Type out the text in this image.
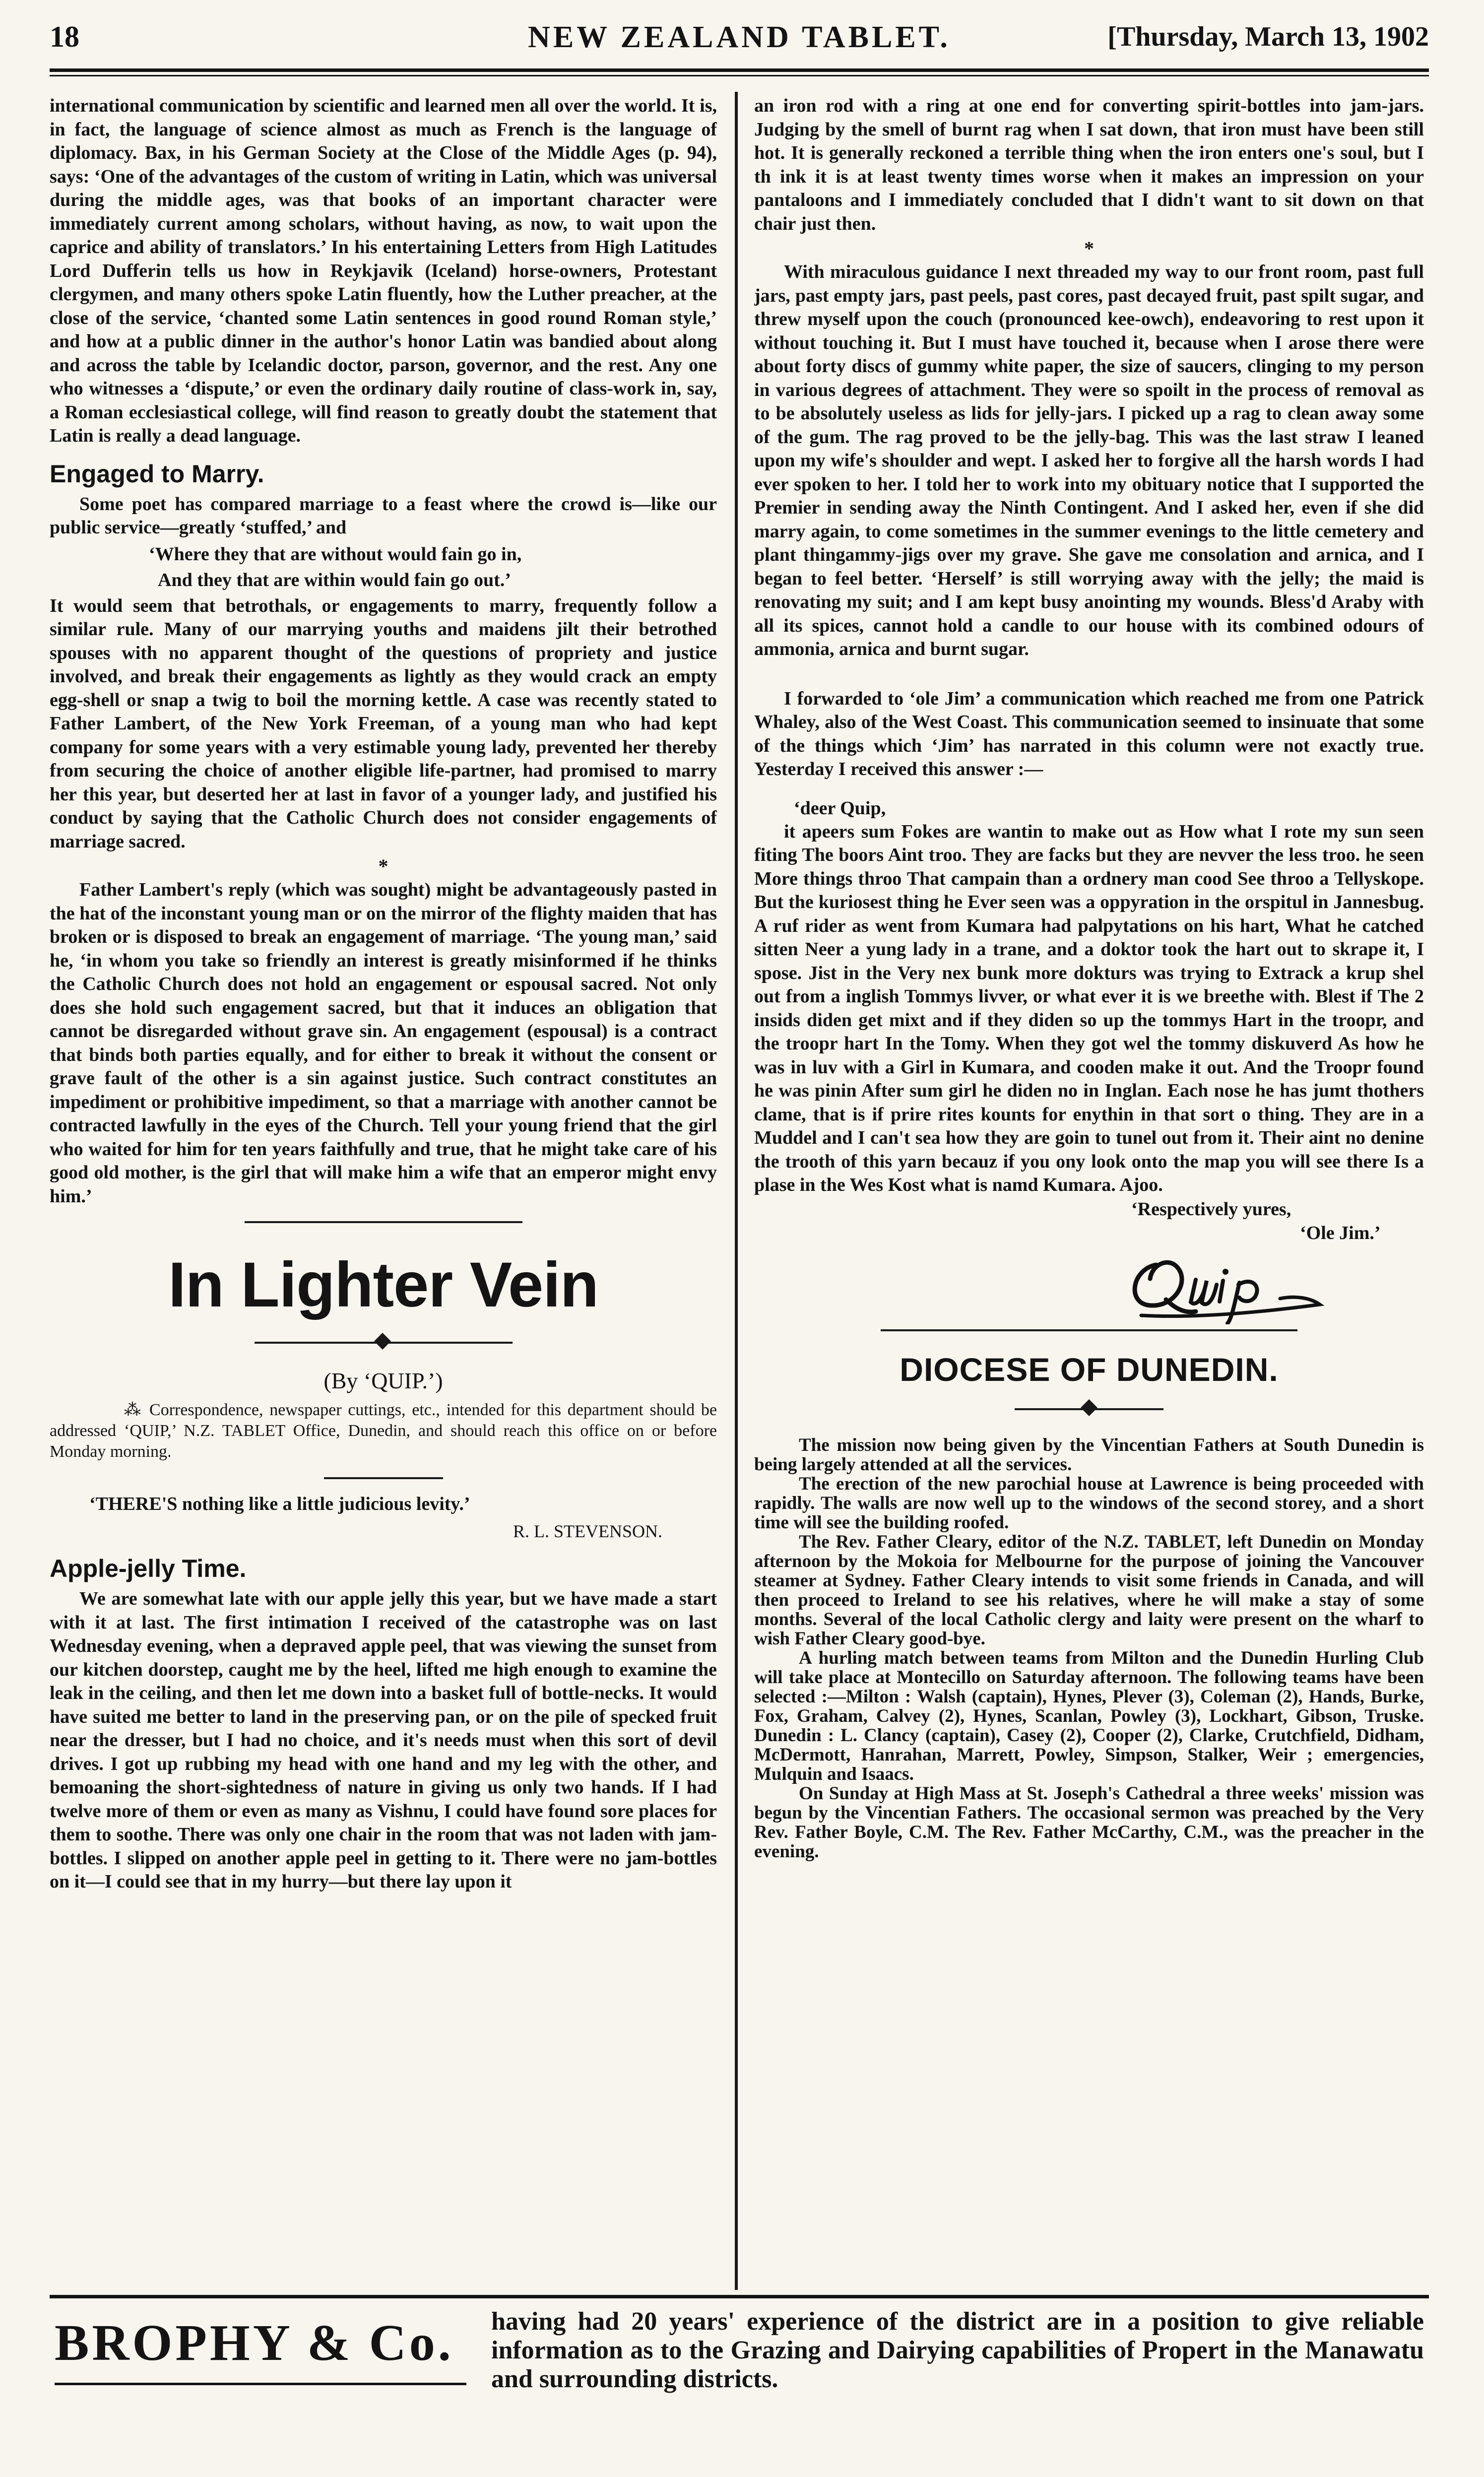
18	NEW ZEALAND TABLET.	[Thursday, March 13, 1902

international communication by scientific and learned men all over the world. It is, in fact, the language of science almost as much as French is the language of diplomacy. Bax, in his German Society at the Close of the Middle Ages (p. 94), says: ‘One of the advantages of the custom of writing in Latin, which was universal during the middle ages, was that books of an important character were immediately current among scholars, without having, as now, to wait upon the caprice and ability of translators.’ In his entertaining Letters from High Latitudes Lord Dufferin tells us how in Reykjavik (Iceland) horse-owners, Protestant clergymen, and many others spoke Latin fluently, how the Luther preacher, at the close of the service, ‘chanted some Latin sentences in good round Roman style,’ and how at a public dinner in the author's honor Latin was bandied about along and across the table by Icelandic doctor, parson, governor, and the rest. Any one who witnesses a ‘dispute,’ or even the ordinary daily routine of class-work in, say, a Roman ecclesiastical college, will find reason to greatly doubt the statement that Latin is really a dead language.

Engaged to Marry.

Some poet has compared marriage to a feast where the crowd is—like our public service—greatly ‘stuffed,’ and

‘Where they that are without would fain go in,
And they that are within would fain go out.’

It would seem that betrothals, or engagements to marry, frequently follow a similar rule. Many of our marrying youths and maidens jilt their betrothed spouses with no apparent thought of the questions of propriety and justice involved, and break their engagements as lightly as they would crack an empty egg-shell or snap a twig to boil the morning kettle. A case was recently stated to Father Lambert, of the New York Freeman, of a young man who had kept company for some years with a very estimable young lady, prevented her thereby from securing the choice of another eligible life-partner, had promised to marry her this year, but deserted her at last in favor of a younger lady, and justified his conduct by saying that the Catholic Church does not consider engagements of marriage sacred.

*

Father Lambert's reply (which was sought) might be advantageously pasted in the hat of the inconstant young man or on the mirror of the flighty maiden that has broken or is disposed to break an engagement of marriage. ‘The young man,’ said he, ‘in whom you take so friendly an interest is greatly misinformed if he thinks the Catholic Church does not hold an engagement or espousal sacred. Not only does she hold such engagement sacred, but that it induces an obligation that cannot be disregarded without grave sin. An engagement (espousal) is a contract that binds both parties equally, and for either to break it without the consent or grave fault of the other is a sin against justice. Such contract constitutes an impediment or prohibitive impediment, so that a marriage with another cannot be contracted lawfully in the eyes of the Church. Tell your young friend that the girl who waited for him for ten years faithfully and true, that he might take care of his good old mother, is the girl that will make him a wife that an emperor might envy him.’

In Lighter Vein
(By ‘QUIP.’)

⁂ Correspondence, newspaper cuttings, etc., intended for this department should be addressed ‘QUIP,’ N.Z. TABLET Office, Dunedin, and should reach this office on or before Monday morning.

‘THERE'S nothing like a little judicious levity.’

R. L. STEVENSON.

Apple-jelly Time.

We are somewhat late with our apple jelly this year, but we have made a start with it at last. The first intimation I received of the catastrophe was on last Wednesday evening, when a depraved apple peel, that was viewing the sunset from our kitchen doorstep, caught me by the heel, lifted me high enough to examine the leak in the ceiling, and then let me down into a basket full of bottle-necks. It would have suited me better to land in the preserving pan, or on the pile of specked fruit near the dresser, but I had no choice, and it's needs must when this sort of devil drives. I got up rubbing my head with one hand and my leg with the other, and bemoaning the short-sightedness of nature in giving us only two hands. If I had twelve more of them or even as many as Vishnu, I could have found sore places for them to soothe. There was only one chair in the room that was not laden with jam-bottles. I slipped on another apple peel in getting to it. There were no jam-bottles on it—I could see that in my hurry—but there lay upon it

an iron rod with a ring at one end for converting spirit-bottles into jam-jars. Judging by the smell of burnt rag when I sat down, that iron must have been still hot. It is generally reckoned a terrible thing when the iron enters one's soul, but I th ink it is at least twenty times worse when it makes an impression on your pantaloons and I immediately concluded that I didn't want to sit down on that chair just then.

*

With miraculous guidance I next threaded my way to our front room, past full jars, past empty jars, past peels, past cores, past decayed fruit, past spilt sugar, and threw myself upon the couch (pronounced kee-owch), endeavoring to rest upon it without touching it. But I must have touched it, because when I arose there were about forty discs of gummy white paper, the size of saucers, clinging to my person in various degrees of attachment. They were so spoilt in the process of removal as to be absolutely useless as lids for jelly-jars. I picked up a rag to clean away some of the gum. The rag proved to be the jelly-bag. This was the last straw I leaned upon my wife's shoulder and wept. I asked her to forgive all the harsh words I had ever spoken to her. I told her to work into my obituary notice that I supported the Premier in sending away the Ninth Contingent. And I asked her, even if she did marry again, to come sometimes in the summer evenings to the little cemetery and plant thingammy-jigs over my grave. She gave me consolation and arnica, and I began to feel better. ‘Herself’ is still worrying away with the jelly; the maid is renovating my suit; and I am kept busy anointing my wounds. Bless'd Araby with all its spices, cannot hold a candle to our house with its combined odours of ammonia, arnica and burnt sugar.

I forwarded to ‘ole Jim’ a communication which reached me from one Patrick Whaley, also of the West Coast. This communication seemed to insinuate that some of the things which ‘Jim’ has narrated in this column were not exactly true. Yesterday I received this answer :—

‘deer Quip,

it apeers sum Fokes are wantin to make out as How what I rote my sun seen fiting The boors Aint troo. They are facks but they are nevver the less troo. he seen More things throo That campain than a ordnery man cood See throo a Tellyskope. But the kuriosest thing he Ever seen was a oppyration in the orspitul in Jannesbug. A ruf rider as went from Kumara had palpytations on his hart, What he catched sitten Neer a yung lady in a trane, and a doktor took the hart out to skrape it, I spose. Jist in the Very nex bunk more dokturs was trying to Extrack a krup shel out from a inglish Tommys livver, or what ever it is we breethe with. Blest if The 2 insids diden get mixt and if they diden so up the tommys Hart in the troopr, and the troopr hart In the Tomy. When they got wel the tommy diskuverd As how he was in luv with a Girl in Kumara, and cooden make it out. And the Troopr found he was pinin After sum girl he diden no in Inglan. Each nose he has jumt thothers clame, that is if prire rites kounts for enythin in that sort o thing. They are in a Muddel and I can't sea how they are goin to tunel out from it. Their aint no denine the trooth of this yarn becauz if you ony look onto the map you will see there Is a plase in the Wes Kost what is namd Kumara. Ajoo.

‘Respectively yures,

‘Ole Jim.’

DIOCESE OF DUNEDIN.

The mission now being given by the Vincentian Fathers at South Dunedin is being largely attended at all the services.

The erection of the new parochial house at Lawrence is being proceeded with rapidly. The walls are now well up to the windows of the second storey, and a short time will see the building roofed.

The Rev. Father Cleary, editor of the N.Z. TABLET, left Dunedin on Monday afternoon by the Mokoia for Melbourne for the purpose of joining the Vancouver steamer at Sydney. Father Cleary intends to visit some friends in Canada, and will then proceed to Ireland to see his relatives, where he will make a stay of some months. Several of the local Catholic clergy and laity were present on the wharf to wish Father Cleary good-bye.

A hurling match between teams from Milton and the Dunedin Hurling Club will take place at Montecillo on Saturday afternoon. The following teams have been selected :—Milton : Walsh (captain), Hynes, Plever (3), Coleman (2), Hands, Burke, Fox, Graham, Calvey (2), Hynes, Scanlan, Powley (3), Lockhart, Gibson, Truske. Dunedin : L. Clancy (captain), Casey (2), Cooper (2), Clarke, Crutchfield, Didham, McDermott, Hanrahan, Marrett, Powley, Simpson, Stalker, Weir ; emergencies, Mulquin and Isaacs.

On Sunday at High Mass at St. Joseph's Cathedral a three weeks' mission was begun by the Vincentian Fathers. The occasional sermon was preached by the Very Rev. Father Boyle, C.M. The Rev. Father McCarthy, C.M., was the preacher in the evening.

BROPHY & Co. having had 20 years' experience of the district are in a position to give reliable information as to the Grazing and Dairying capabilities of Propert in the Manawatu and surrounding districts.
